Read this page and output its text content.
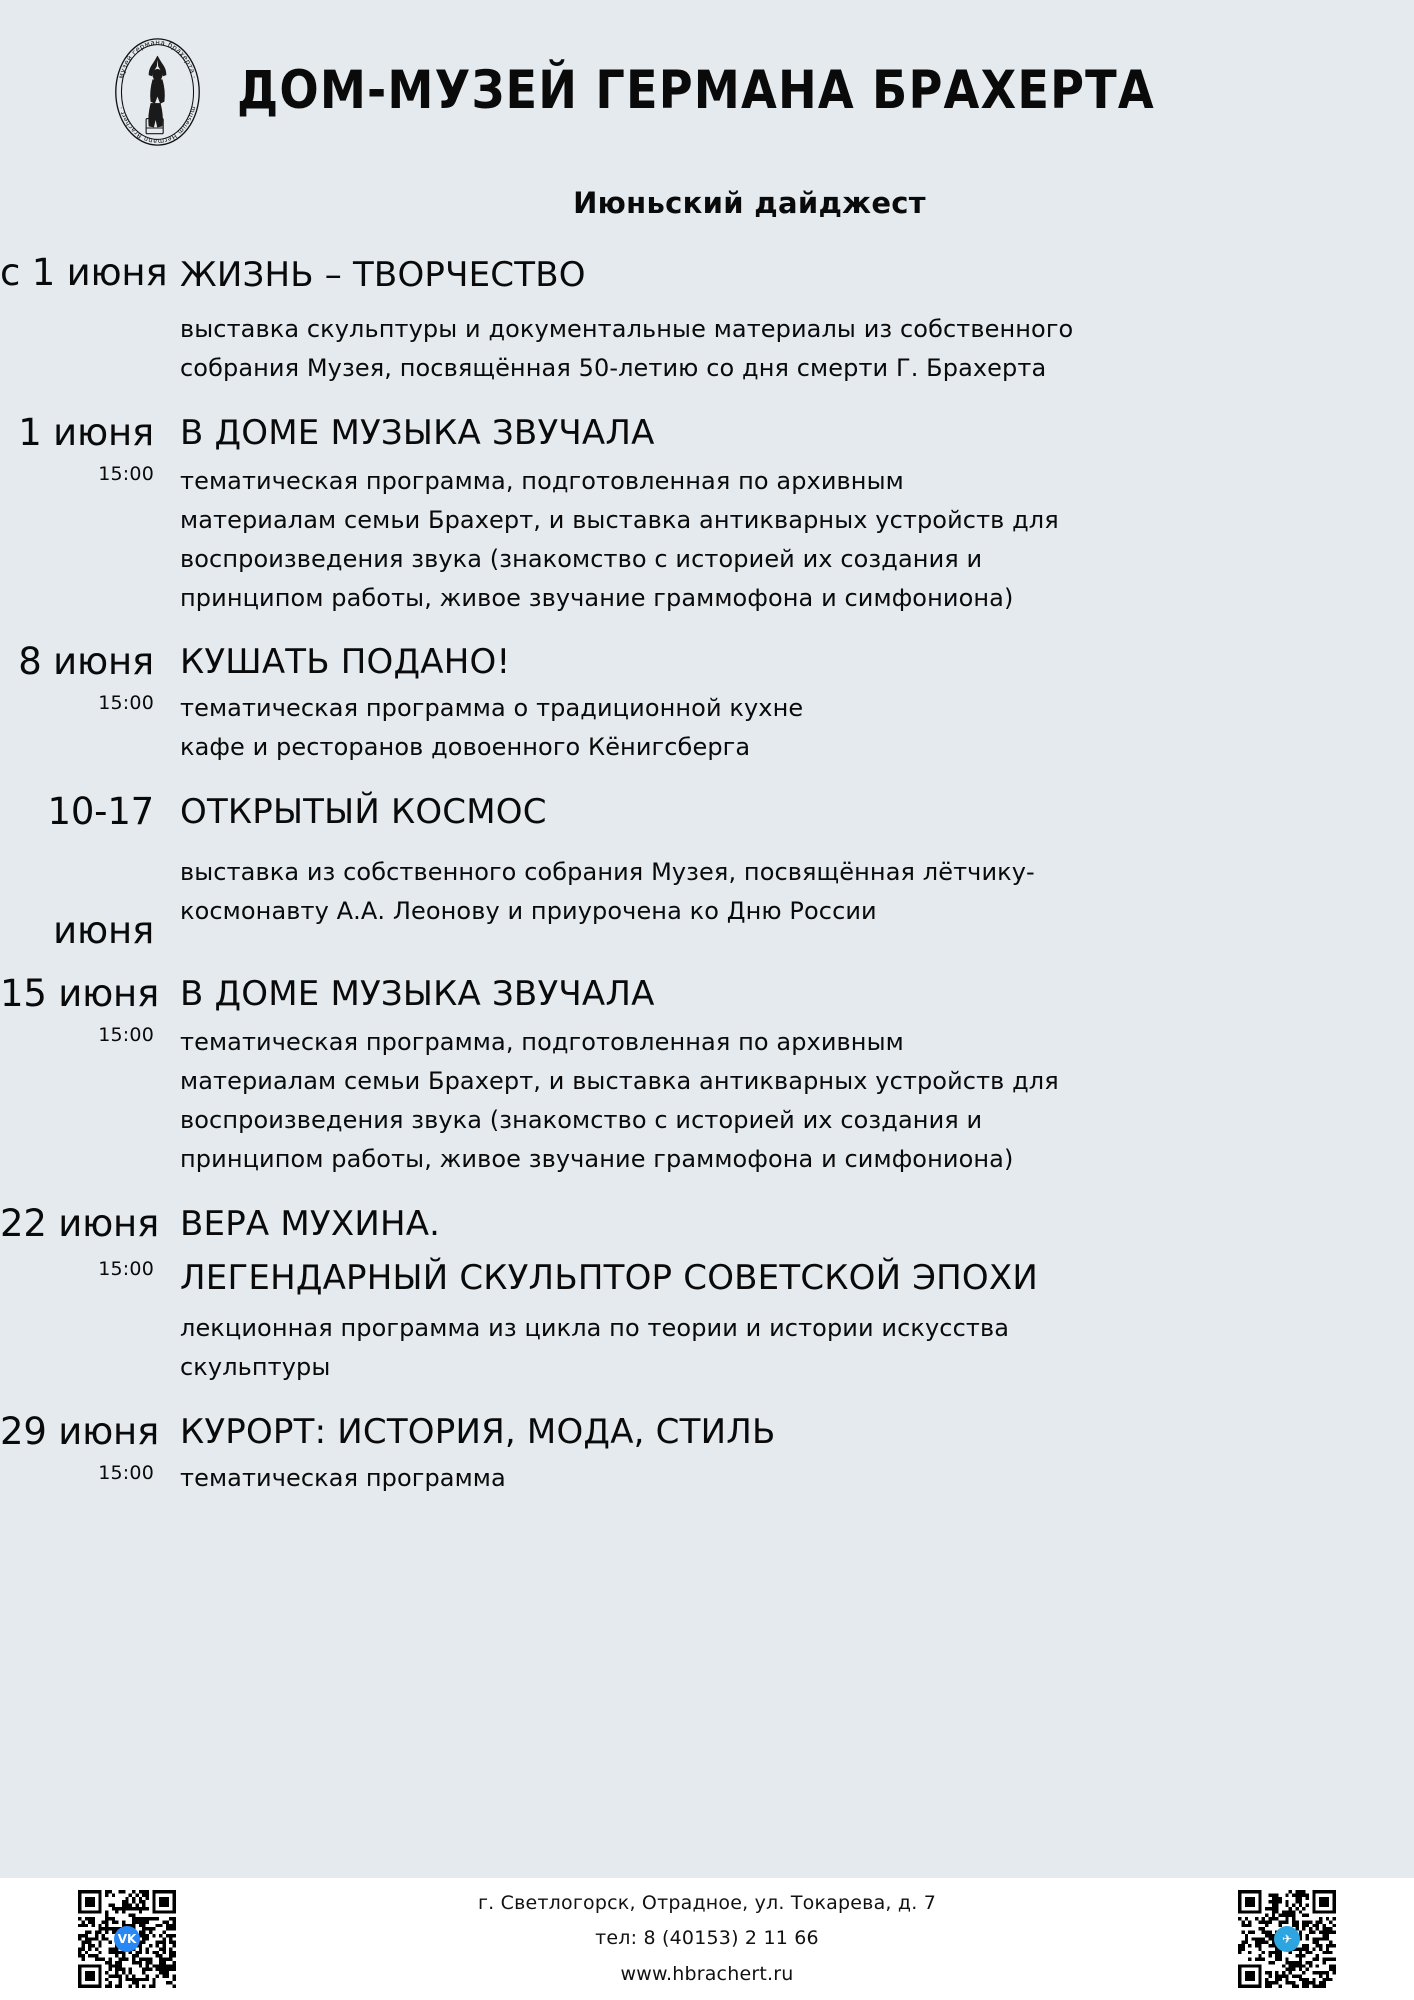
музей германа брахерта ·
museum Hermann Brachert ·	ДОМ-МУЗЕЙ ГЕРМАНА БРАХЕРТА
Июньский дайджест
с 1 июня ЖИЗНЬ – ТВОРЧЕСТВО
выставка скульптуры и документальные материалы из собственного
собрания Музея, посвящённая 50-летию со дня смерти Г. Брахерта
1 июня
15:00
В ДОМЕ МУЗЫКА ЗВУЧАЛА
тематическая программа, подготовленная по архивным
материалам семьи Брахерт, и выставка антикварных устройств для
воспроизведения звука (знакомство с историей их создания и
принципом работы, живое звучание граммофона и симфониона)
8 июня
15:00
КУШАТЬ ПОДАНО!
тематическая программа о традиционной кухне
кафе и ресторанов довоенного Кёнигсберга
10-17
июня
ОТКРЫТЫЙ КОСМОС
выставка из собственного собрания Музея, посвящённая лётчику-
космонавту А.А. Леонову и приурочена ко Дню России
15 июня
15:00
В ДОМЕ МУЗЫКА ЗВУЧАЛА
тематическая программа, подготовленная по архивным
материалам семьи Брахерт, и выставка антикварных устройств для
воспроизведения звука (знакомство с историей их создания и
принципом работы, живое звучание граммофона и симфониона)
22 июня
15:00
ВЕРА МУХИНА.
ЛЕГЕНДАРНЫЙ СКУЛЬПТОР СОВЕТСКОЙ ЭПОХИ
лекционная программа из цикла по теории и истории искусства
скульптуры
29 июня
15:00
КУРОРТ: ИСТОРИЯ, МОДА, СТИЛЬ
тематическая программа
VK
г. Светлогорск, Отрадное, ул. Токарева, д. 7
тел: 8 (40153) 2 11 66
www.hbrachert.ru
✈
